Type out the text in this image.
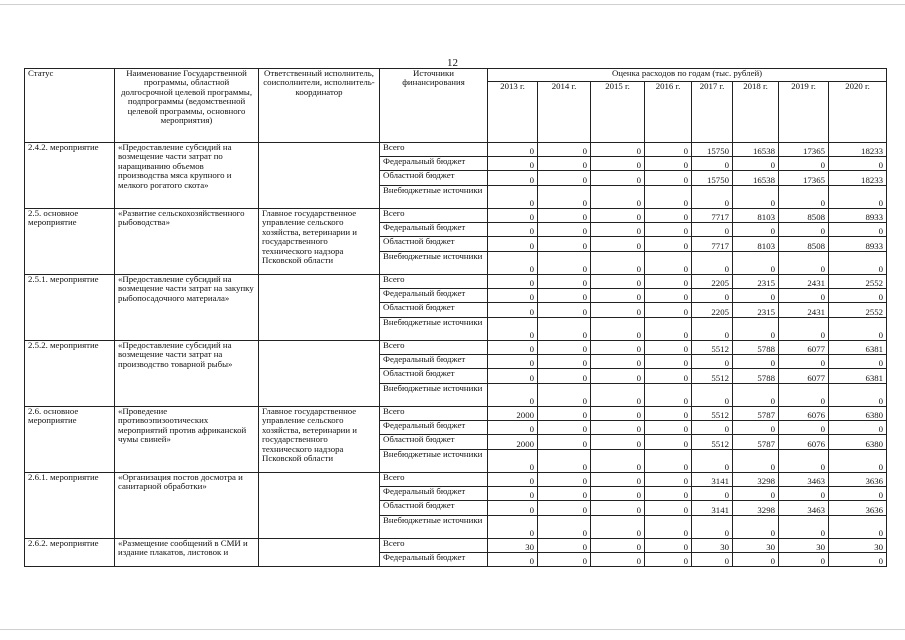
12
Статус	Наименование Государственной программы, областной долгосрочной целевой программы, подпрограммы (ведомственной целевой программы, основного мероприятия)	Ответственный исполнитель, соисполнители, исполнитель-координатор	Источники финансирования	Оценка расходов по годам (тыс. рублей)							
				2013 г.	2014 г.	2015 г.	2016 г.	2017 г.	2018 г.	2019 г.	2020 г.
2.4.2. мероприятие	«Предоставление субсидий на возмещение части затрат по наращиванию объемов производства мяса крупного и мелкого рогатого скота»		Всего	0	0	0	0	15750	16538	17365	18233
			Федеральный бюджет	0	0	0	0	0	0	0	0
			Областной бюджет	0	0	0	0	15750	16538	17365	18233
			Внебюджетные источники	0	0	0	0	0	0	0	0
2.5. основное мероприятие	«Развитие сельскохозяйственного рыбоводства»	Главное государственное управление сельского хозяйства, ветеринарии и государственного технического надзора Псковской области	Всего	0	0	0	0	7717	8103	8508	8933
			Федеральный бюджет	0	0	0	0	0	0	0	0
			Областной бюджет	0	0	0	0	7717	8103	8508	8933
			Внебюджетные источники	0	0	0	0	0	0	0	0
2.5.1. мероприятие	«Предоставление субсидий на возмещение части затрат на закупку рыбопосадочного материала»		Всего	0	0	0	0	2205	2315	2431	2552
			Федеральный бюджет	0	0	0	0	0	0	0	0
			Областной бюджет	0	0	0	0	2205	2315	2431	2552
			Внебюджетные источники	0	0	0	0	0	0	0	0
2.5.2. мероприятие	«Предоставление субсидий на возмещение части затрат на производство товарной рыбы»		Всего	0	0	0	0	5512	5788	6077	6381
			Федеральный бюджет	0	0	0	0	0	0	0	0
			Областной бюджет	0	0	0	0	5512	5788	6077	6381
			Внебюджетные источники	0	0	0	0	0	0	0	0
2.6. основное мероприятие	«Проведение противоэпизоотических мероприятий против африканской чумы свиней»	Главное государственное управление сельского хозяйства, ветеринарии и государственного технического надзора Псковской области	Всего	2000	0	0	0	5512	5787	6076	6380
			Федеральный бюджет	0	0	0	0	0	0	0	0
			Областной бюджет	2000	0	0	0	5512	5787	6076	6380
			Внебюджетные источники	0	0	0	0	0	0	0	0
2.6.1. мероприятие	«Организация постов досмотра и санитарной обработки»		Всего	0	0	0	0	3141	3298	3463	3636
			Федеральный бюджет	0	0	0	0	0	0	0	0
			Областной бюджет	0	0	0	0	3141	3298	3463	3636
			Внебюджетные источники	0	0	0	0	0	0	0	0
2.6.2. мероприятие	«Размещение сообщений в СМИ и издание плакатов, листовок и		Всего	30	0	0	0	30	30	30	30
			Федеральный бюджет	0	0	0	0	0	0	0	0
